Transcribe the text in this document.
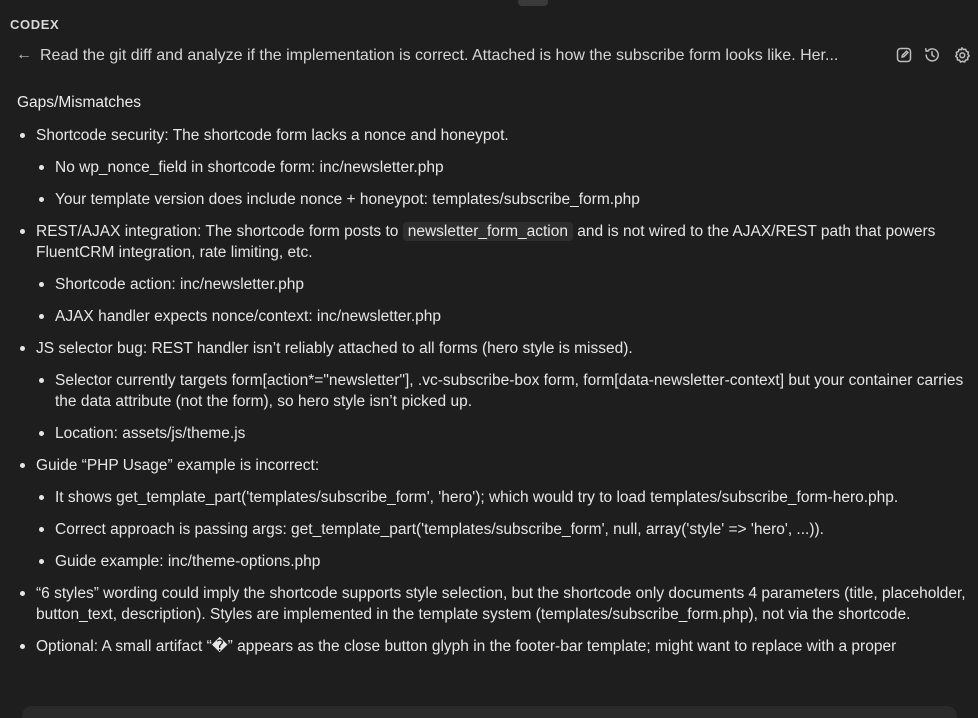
CODEX
← Read the git diff and analyze if the implementation is correct. Attached is how the subscribe form looks like. Her...
Gaps/Mismatches
Shortcode security: The shortcode form lacks a nonce and honeypot.
No wp_nonce_field in shortcode form: inc/newsletter.php
Your template version does include nonce + honeypot: templates/subscribe_form.php
REST/AJAX integration: The shortcode form posts to newsletter_form_action and is not wired to the AJAX/REST path that powers FluentCRM integration, rate limiting, etc.
Shortcode action: inc/newsletter.php
AJAX handler expects nonce/context: inc/newsletter.php
JS selector bug: REST handler isn’t reliably attached to all forms (hero style is missed).
Selector currently targets form[action*="newsletter"], .vc-subscribe-box form, form[data-newsletter-context] but your container carries the data attribute (not the form), so hero style isn’t picked up.
Location: assets/js/theme.js
Guide “PHP Usage” example is incorrect:
It shows get_template_part('templates/subscribe_form', 'hero'); which would try to load templates/subscribe_form-hero.php.
Correct approach is passing args: get_template_part('templates/subscribe_form', null, array('style' => 'hero', ...)).
Guide example: inc/theme-options.php
“6 styles” wording could imply the shortcode supports style selection, but the shortcode only documents 4 parameters (title, placeholder, button_text, description). Styles are implemented in the template system (templates/subscribe_form.php), not via the shortcode.
Optional: A small artifact “�” appears as the close button glyph in the footer-bar template; might want to replace with a proper
